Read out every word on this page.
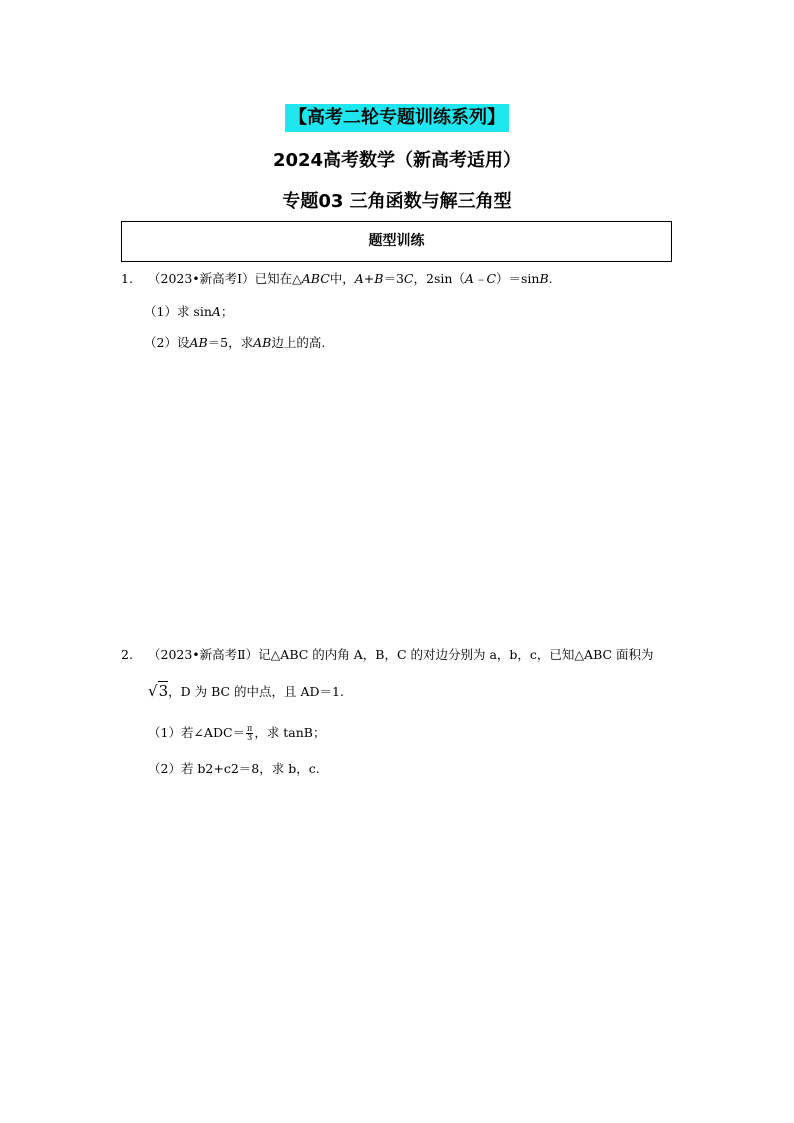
【高考二轮专题训练系列】
2024高考数学（新高考适用）
专题03 三角函数与解三角型
题型训练
1. （2023•新高考Ⅰ）已知在△ABC中，A+B＝3C，2sin（A﹣C）＝sinB.
（1）求 sinA；
（2）设AB＝5，求AB边上的高.
2. （2023•新高考Ⅱ）记△ABC 的内角 A，B，C 的对边分别为 a，b，c，已知△ABC 面积为
√3，D 为 BC 的中点，且 AD＝1.
（1）若∠ADC＝ $\frac{\pi}{3}$ ，求 tanB；
（2）若 b2+c2＝8，求 b，c.
